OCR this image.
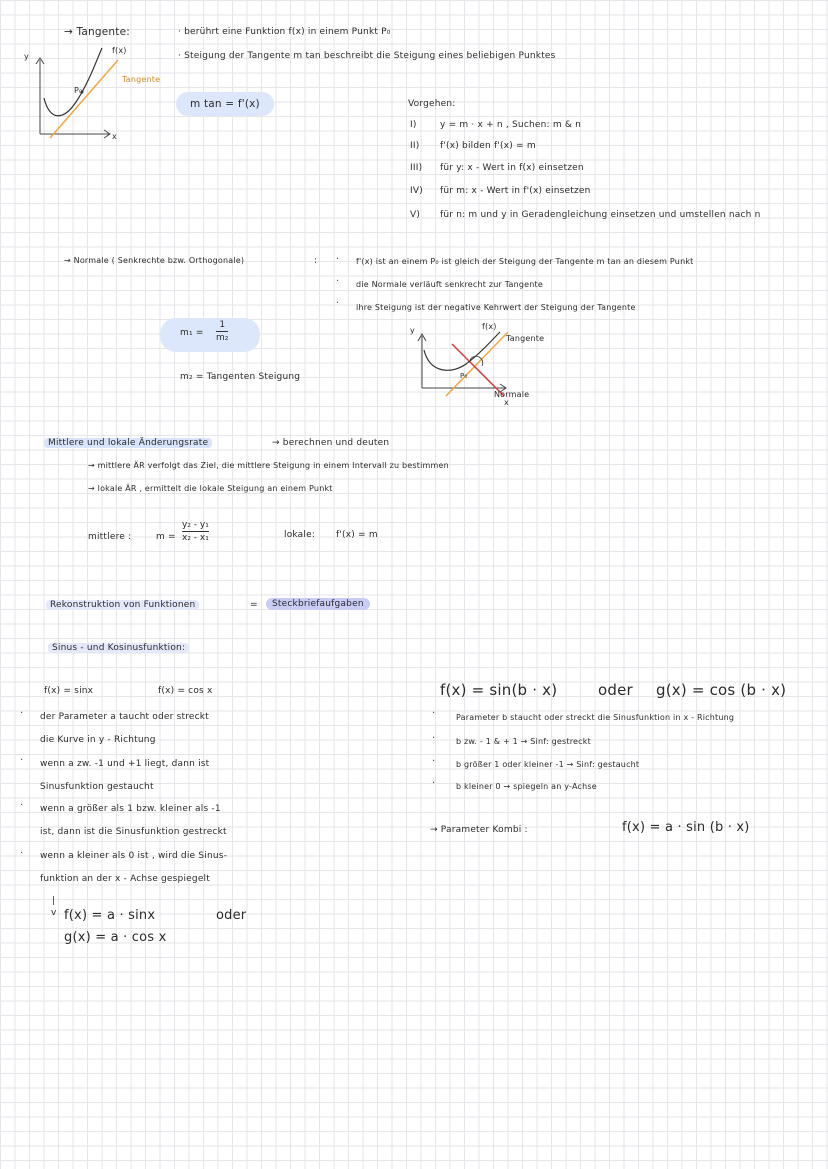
y
x
f(x)
Tangente
P₀
→ Tangente:	· berührt eine Funktion f(x) in einem Punkt P₀
· Steigung der Tangente m tan beschreibt die Steigung eines beliebigen Punktes
m tan = f'(x)	Vorgehen:
I)	y = m · x + n , Suchen: m & n
II) f'(x) bilden f'(x) = m
III) für y: x - Wert in f(x) einsetzen
IV) für m: x - Wert in f'(x) einsetzen
V) für n: m und y in Geradengleichung einsetzen und umstellen nach n
→ Normale ( Senkrechte bzw. Orthogonale)	: · f'(x) ist an einem P₀ ist gleich der Steigung der Tangente m tan an diesem Punkt
· die Normale verläuft senkrecht zur Tangente
· ihre Steigung ist der negative Kehrwert der Steigung der Tangente
m₁ =
1
m₂
m₂ = Tangenten Steigung
y
x
f(x)
Tangente
Normale
P₀
Mittlere und lokale Änderungsrate	→ berechnen und deuten
→ mittlere ÄR verfolgt das Ziel, die mittlere Steigung in einem Intervall zu bestimmen
→ lokale ÄR , ermittelt die lokale Steigung an einem Punkt
mittlere :	m =
y₂ - y₁
x₂ - x₁	lokale: f'(x) = m
Rekonstruktion von Funktionen	=	Steckbriefaufgaben
Sinus - und Kosinusfunktion:
f(x) = sinx	f(x) = cos x
· der Parameter a taucht oder streckt
die Kurve in y - Richtung
· wenn a zw. -1 und +1 liegt, dann ist
Sinusfunktion gestaucht
· wenn a größer als 1 bzw. kleiner als -1
ist, dann ist die Sinusfunktion gestreckt
· wenn a kleiner als 0 ist , wird die Sinus-
funktion an der x - Achse gespiegelt
|
v f(x) = a · sinx	oder
g(x) = a · cos x
f(x) = sin(b · x)	oder g(x) = cos (b · x)
·	Parameter b staucht oder streckt die Sinusfunktion in x - Richtung
·	b zw. - 1 & + 1 → Sinf: gestreckt
·	b größer 1 oder kleiner -1 → Sinf: gestaucht
·	b kleiner 0 → spiegeln an y-Achse
→ Parameter Kombi :	f(x) = a · sin (b · x)
